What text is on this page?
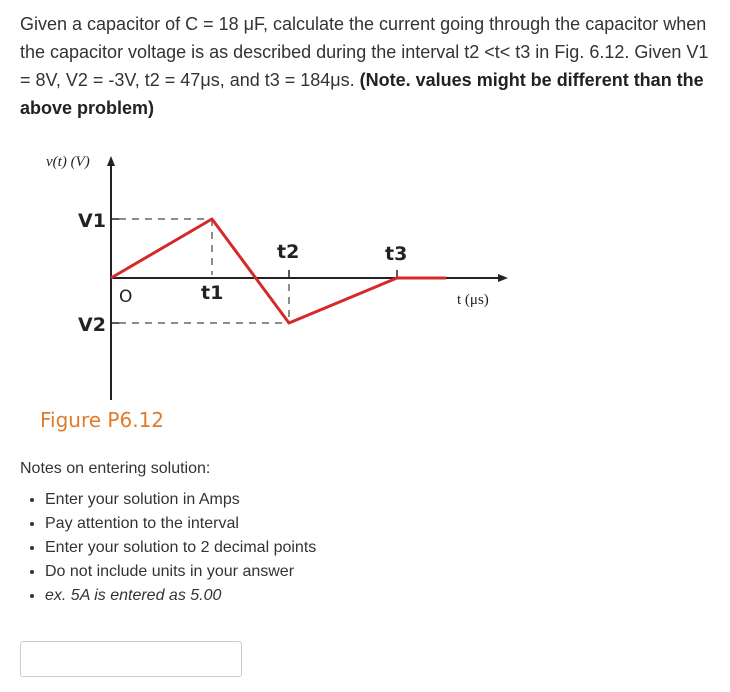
Given a capacitor of C = 18 μF, calculate the current going through the capacitor when the capacitor voltage is as described during the interval t2 <t< t3 in Fig. 6.12. Given V1 = 8V, V2 = -3V, t2 = 47μs, and t3 = 184μs. (Note. values might be different than the above problem)
v(t) (V)
t (μs)
V1
V2
O	t1
t2	t3
Figure P6.12
Notes on entering solution:
• Enter your solution in Amps
• Pay attention to the interval
• Enter your solution to 2 decimal points
• Do not include units in your answer
• ex. 5A is entered as 5.00
